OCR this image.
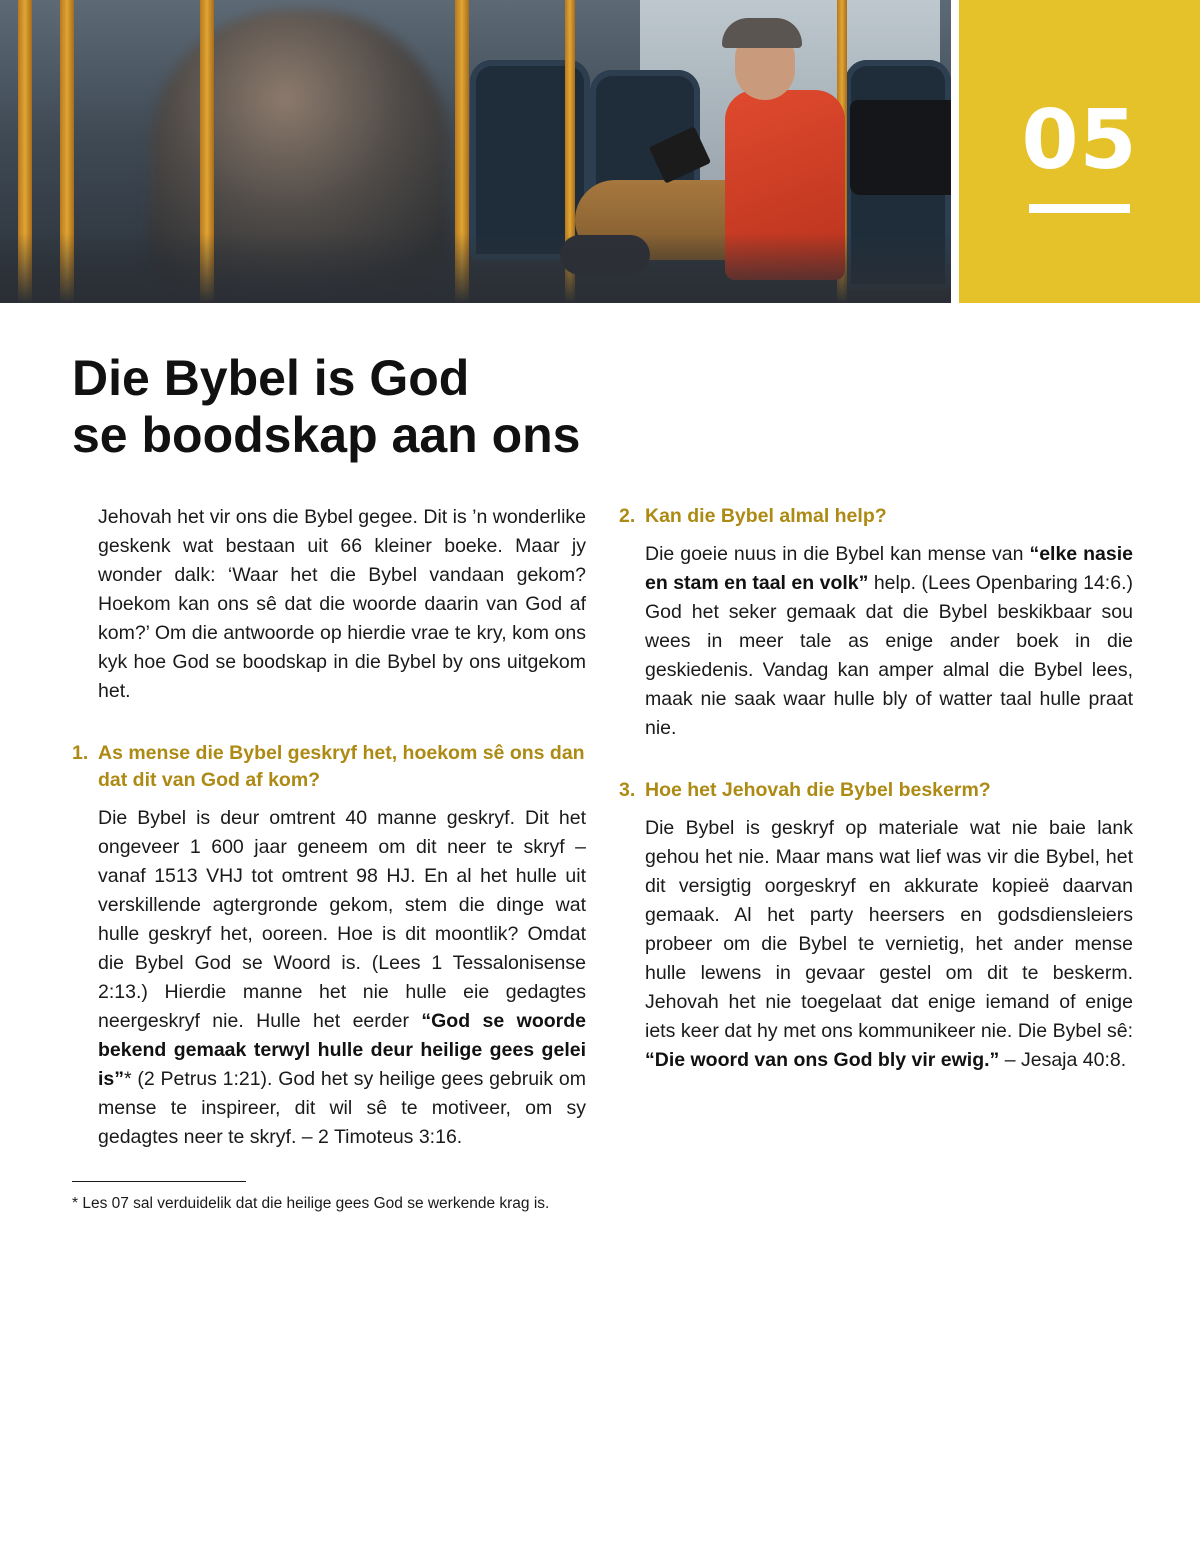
05
Die Bybel is God
se boodskap aan ons

Jehovah het vir ons die Bybel gegee. Dit is ’n wonderlike geskenk wat bestaan uit 66 kleiner boeke. Maar jy wonder dalk: ‘Waar het die Bybel vandaan gekom? Hoekom kan ons sê dat die woorde daarin van God af kom?’ Om die antwoorde op hierdie vrae te kry, kom ons kyk hoe God se boodskap in die Bybel by ons uitgekom het.

1. As mense die Bybel geskryf het, hoekom sê ons dan dat dit van God af kom?

Die Bybel is deur omtrent 40 manne geskryf. Dit het ongeveer 1 600 jaar geneem om dit neer te skryf – vanaf 1513 VHJ tot omtrent 98 HJ. En al het hulle uit verskillende agtergronde gekom, stem die dinge wat hulle geskryf het, ooreen. Hoe is dit moontlik? Omdat die Bybel God se Woord is. (Lees 1 Tessalonisense 2:13.) Hierdie manne het nie hulle eie gedagtes neergeskryf nie. Hulle het eerder “God se woorde bekend gemaak terwyl hulle deur heilige gees gelei is”* (2 Petrus 1:21). God het sy heilige gees gebruik om mense te inspireer, dit wil sê te motiveer, om sy gedagtes neer te skryf. – 2 Timoteus 3:16.

2. Kan die Bybel almal help?

Die goeie nuus in die Bybel kan mense van “elke nasie en stam en taal en volk” help. (Lees Openbaring 14:6.) God het seker gemaak dat die Bybel beskikbaar sou wees in meer tale as enige ander boek in die geskiedenis. Vandag kan amper almal die Bybel lees, maak nie saak waar hulle bly of watter taal hulle praat nie.

3. Hoe het Jehovah die Bybel beskerm?

Die Bybel is geskryf op materiale wat nie baie lank gehou het nie. Maar mans wat lief was vir die Bybel, het dit versigtig oorgeskryf en akkurate kopieë daarvan gemaak. Al het party heersers en godsdiensleiers probeer om die Bybel te vernietig, het ander mense hulle lewens in gevaar gestel om dit te beskerm. Jehovah het nie toegelaat dat enige iemand of enige iets keer dat hy met ons kommunikeer nie. Die Bybel sê: “Die woord van ons God bly vir ewig.” – Jesaja 40:8.

* Les 07 sal verduidelik dat die heilige gees God se werkende krag is.
